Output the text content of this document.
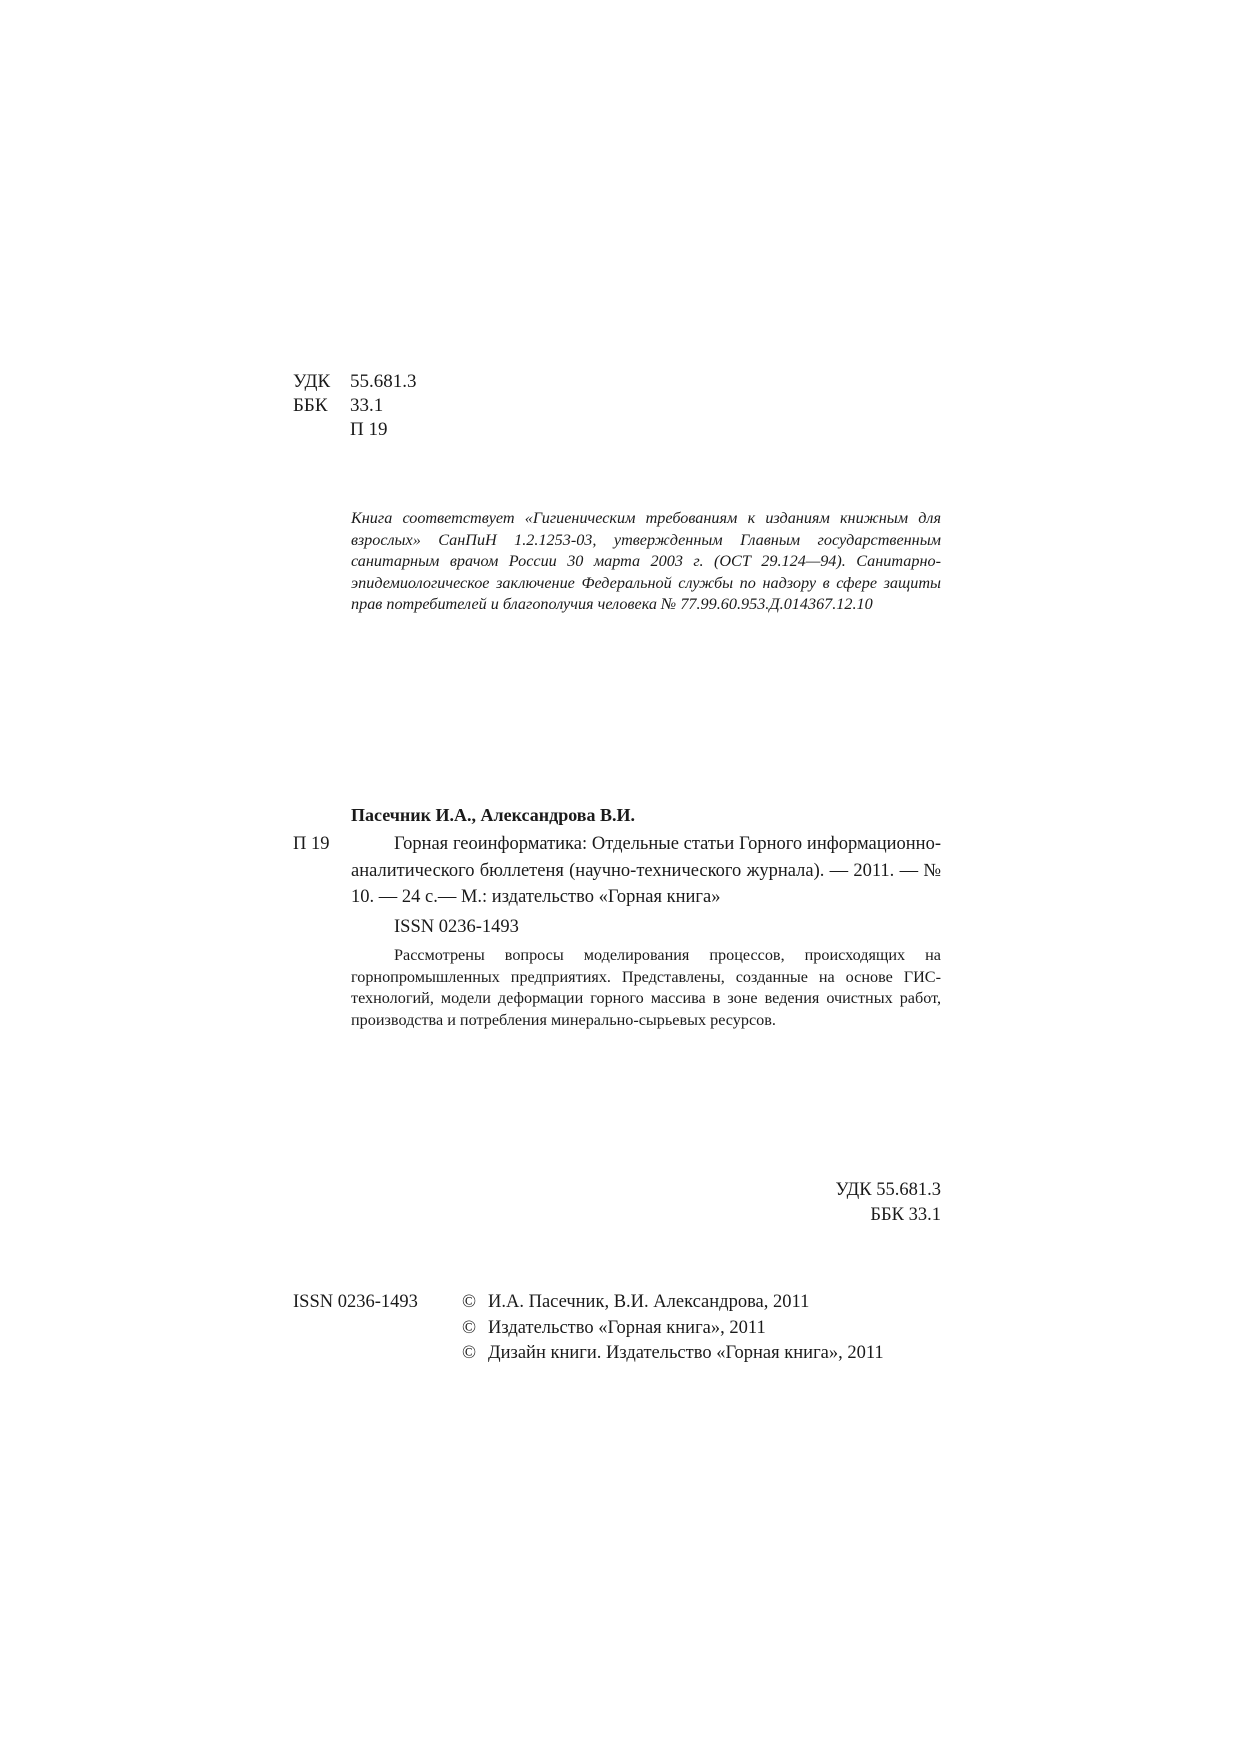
УДК	55.681.3
ББК	33.1
П 19

Книга соответствует «Гигиеническим требованиям к изданиям книжным для взрослых» СанПиН 1.2.1253-03, утвержденным Главным государственным санитарным врачом России 30 марта 2003 г. (ОСТ 29.124—94). Санитарно-эпидемиологическое заключение Федеральной службы по надзору в сфере защиты прав потребителей и благополучия человека № 77.99.60.953.Д.014367.12.10

Пасечник И.А., Александрова В.И.
П 19	Горная геоинформатика: Отдельные статьи Горного информационно-аналитического бюллетеня (научно-технического журнала). — 2011. — № 10. — 24 с.— М.: издательство «Горная книга»

ISSN 0236-1493

Рассмотрены вопросы моделирования процессов, происходящих на горнопромышленных предприятиях. Представлены, созданные на основе ГИС-технологий, модели деформации горного массива в зоне ведения очистных работ, производства и потребления минерально-сырьевых ресурсов.

УДК 55.681.3
ББК 33.1
ISSN 0236-1493 © И.А. Пасечник, В.И. Александрова, 2011
© Издательство «Горная книга», 2011
© Дизайн книги. Издательство «Горная книга», 2011
